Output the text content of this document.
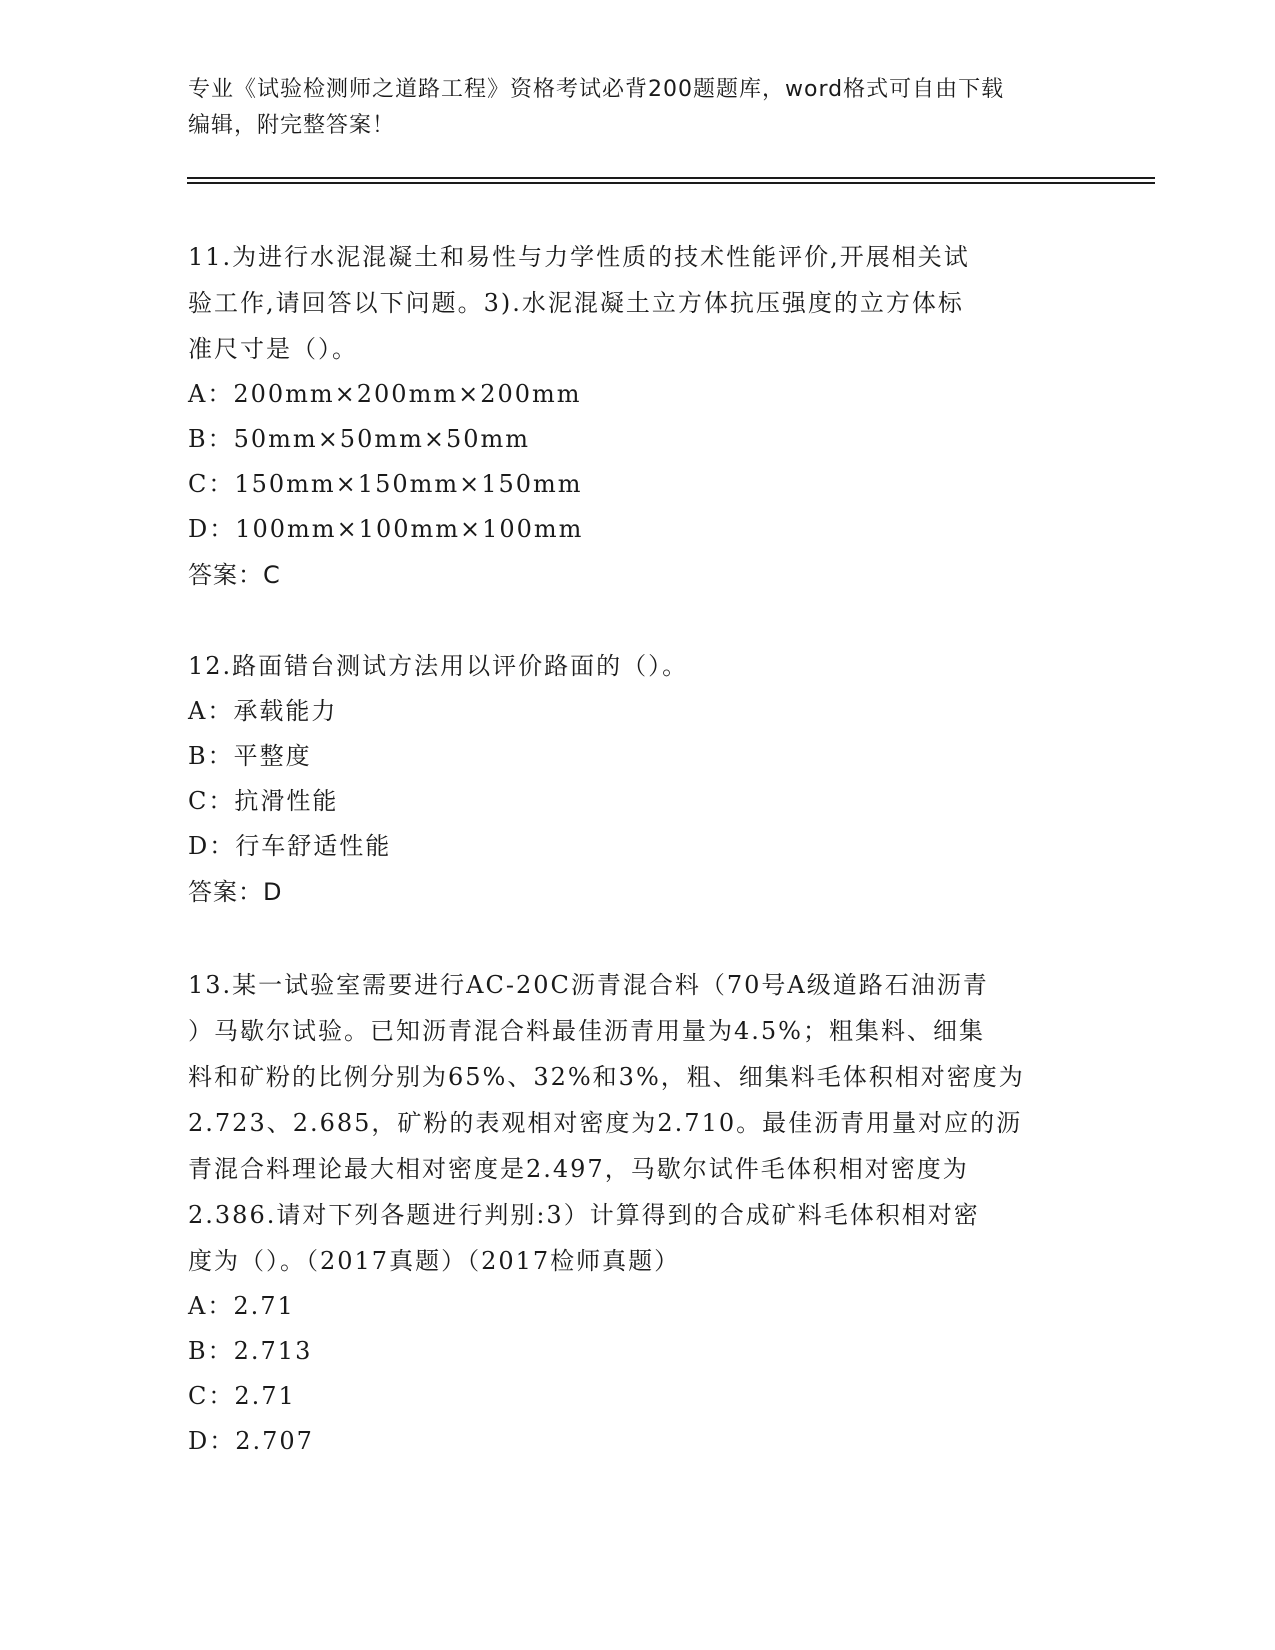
专业《试验检测师之道路工程》资格考试必背200题题库，word格式可自由下载
编辑，附完整答案！
11.为进行水泥混凝土和易性与力学性质的技术性能评价,开展相关试
验工作,请回答以下问题。3).水泥混凝土立方体抗压强度的立方体标
准尺寸是（）。
A：200mm×200mm×200mm
B：50mm×50mm×50mm
C：150mm×150mm×150mm
D：100mm×100mm×100mm
答案：C
12.路面错台测试方法用以评价路面的（）。
A：承载能力
B：平整度
C：抗滑性能
D：行车舒适性能
答案：D
13.某一试验室需要进行AC-20C沥青混合料（70号A级道路石油沥青
）马歇尔试验。已知沥青混合料最佳沥青用量为4.5%；粗集料、细集
料和矿粉的比例分别为65%、32%和3%，粗、细集料毛体积相对密度为
2.723、2.685，矿粉的表观相对密度为2.710。最佳沥青用量对应的沥
青混合料理论最大相对密度是2.497，马歇尔试件毛体积相对密度为
2.386.请对下列各题进行判别:3）计算得到的合成矿料毛体积相对密
度为（）。（2017真题）（2017检师真题）
A：2.71
B：2.713
C：2.71
D：2.707
